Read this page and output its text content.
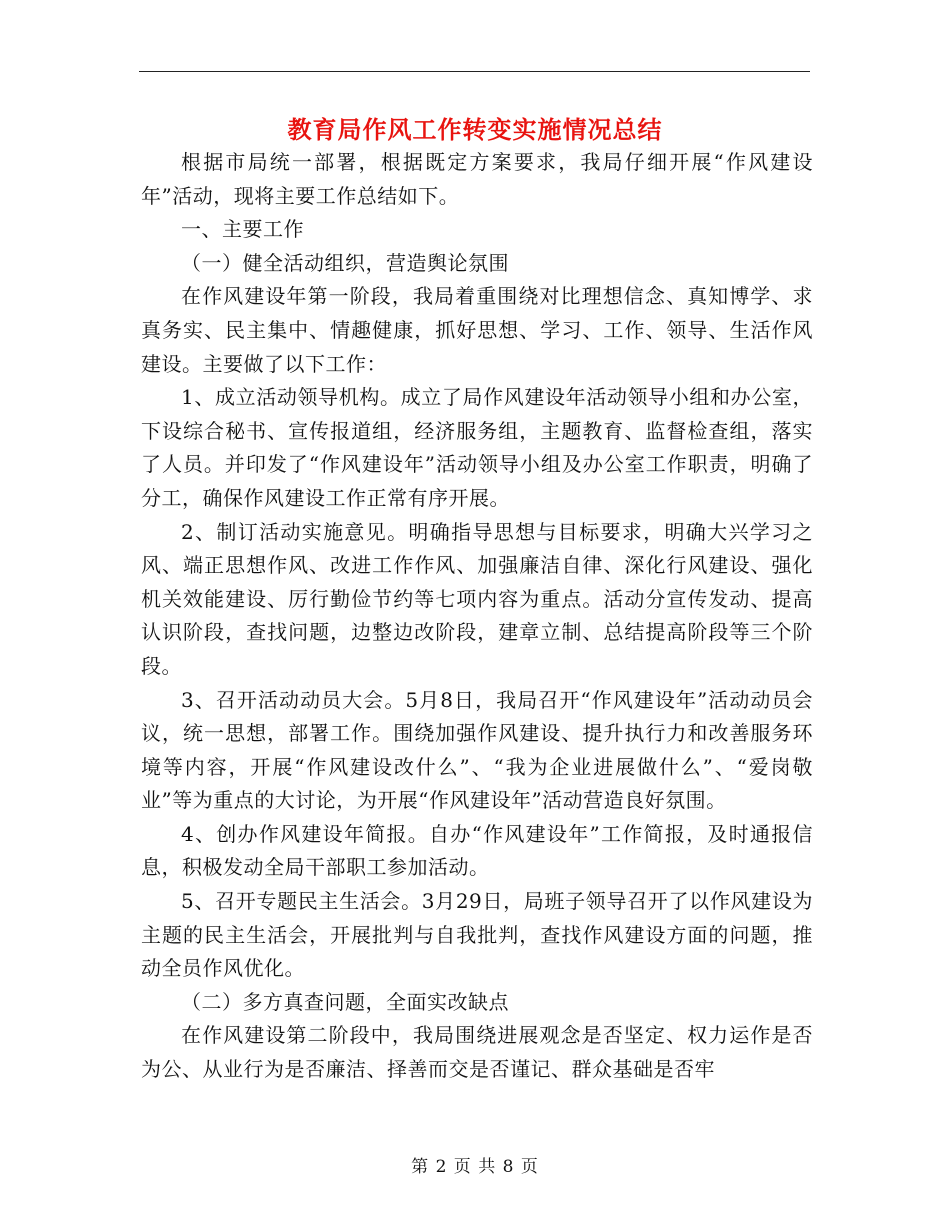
教育局作风工作转变实施情况总结

根据市局统一部署，根据既定方案要求，我局仔细开展“作风建设年”活动，现将主要工作总结如下。

一、主要工作

（一）健全活动组织，营造舆论氛围

在作风建设年第一阶段，我局着重围绕对比理想信念、真知博学、求真务实、民主集中、情趣健康，抓好思想、学习、工作、领导、生活作风建设。主要做了以下工作：

1、成立活动领导机构。成立了局作风建设年活动领导小组和办公室，下设综合秘书、宣传报道组，经济服务组，主题教育、监督检查组，落实了人员。并印发了“作风建设年”活动领导小组及办公室工作职责，明确了分工，确保作风建设工作正常有序开展。

2、制订活动实施意见。明确指导思想与目标要求，明确大兴学习之风、端正思想作风、改进工作作风、加强廉洁自律、深化行风建设、强化机关效能建设、厉行勤俭节约等七项内容为重点。活动分宣传发动、提高认识阶段，查找问题，边整边改阶段，建章立制、总结提高阶段等三个阶段。

3、召开活动动员大会。5月8日，我局召开“作风建设年”活动动员会议，统一思想，部署工作。围绕加强作风建设、提升执行力和改善服务环境等内容，开展“作风建设改什么”、“我为企业进展做什么”、“爱岗敬业”等为重点的大讨论，为开展“作风建设年”活动营造良好氛围。

4、创办作风建设年简报。自办“作风建设年”工作简报，及时通报信息，积极发动全局干部职工参加活动。

5、召开专题民主生活会。3月29日，局班子领导召开了以作风建设为主题的民主生活会，开展批判与自我批判，查找作风建设方面的问题，推动全员作风优化。

（二）多方真查问题，全面实改缺点

在作风建设第二阶段中，我局围绕进展观念是否坚定、权力运作是否为公、从业行为是否廉洁、择善而交是否谨记、群众基础是否牢

第 2 页 共 8 页
